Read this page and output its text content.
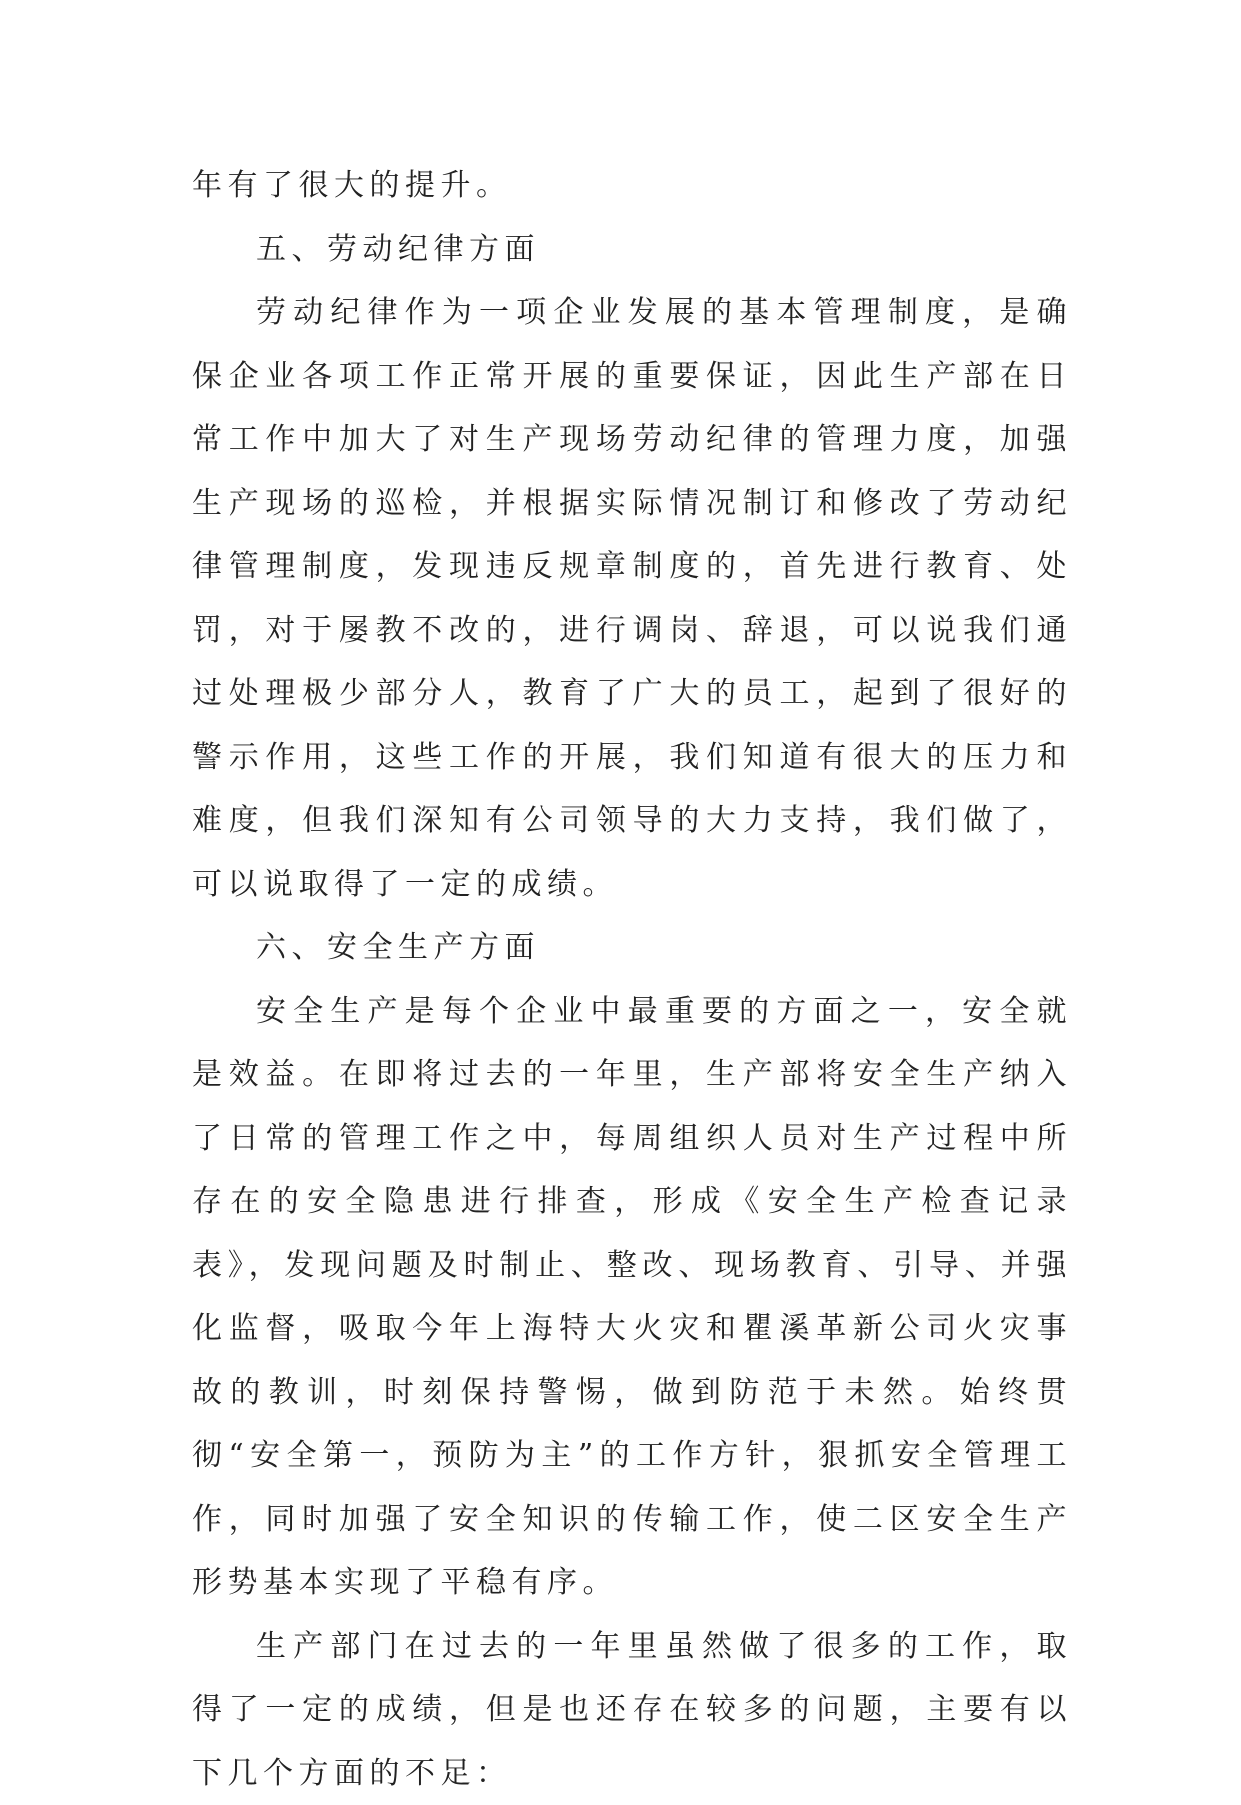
年有了很大的提升。

五、劳动纪律方面

劳动纪律作为一项企业发展的基本管理制度，是确保企业各项工作正常开展的重要保证，因此生产部在日常工作中加大了对生产现场劳动纪律的管理力度，加强生产现场的巡检，并根据实际情况制订和修改了劳动纪律管理制度，发现违反规章制度的，首先进行教育、处罚，对于屡教不改的，进行调岗、辞退，可以说我们通过处理极少部分人，教育了广大的员工，起到了很好的警示作用，这些工作的开展，我们知道有很大的压力和难度，但我们深知有公司领导的大力支持，我们做了，可以说取得了一定的成绩。

六、安全生产方面

安全生产是每个企业中最重要的方面之一，安全就是效益。在即将过去的一年里，生产部将安全生产纳入了日常的管理工作之中，每周组织人员对生产过程中所存在的安全隐患进行排查，形成《安全生产检查记录表》，发现问题及时制止、整改、现场教育、引导、并强化监督，吸取今年上海特大火灾和瞿溪革新公司火灾事故的教训，时刻保持警惕，做到防范于未然。始终贯彻“安全第一，预防为主”的工作方针，狠抓安全管理工作，同时加强了安全知识的传输工作，使二区安全生产形势基本实现了平稳有序。

生产部门在过去的一年里虽然做了很多的工作，取得了一定的成绩，但是也还存在较多的问题，主要有以下几个方面的不足：
